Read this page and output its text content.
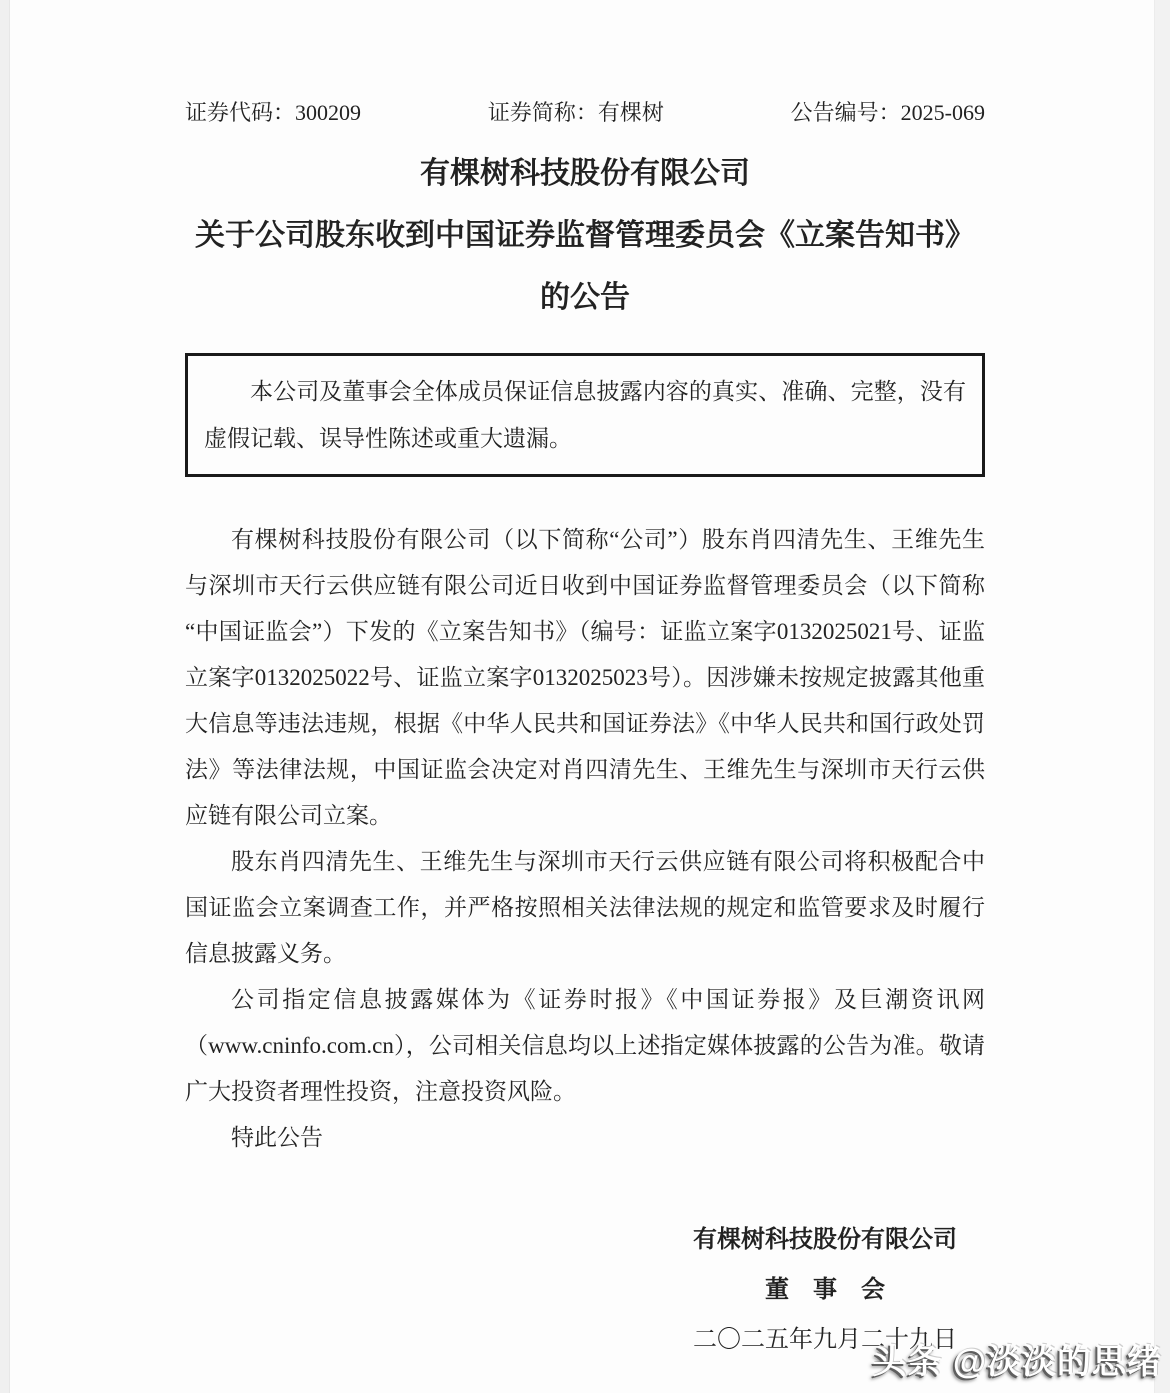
证券代码：300209	证券简称：有棵树	公告编号：2025-069
有棵树科技股份有限公司
关于公司股东收到中国证券监督管理委员会《立案告知书》
的公告

本公司及董事会全体成员保证信息披露内容的真实、准确、完整，没有虚假记载、误导性陈述或重大遗漏。

有棵树科技股份有限公司（以下简称“公司”）股东肖四清先生、王维先生与深圳市天行云供应链有限公司近日收到中国证券监督管理委员会（以下简称“中国证监会”）下发的《立案告知书》（编号：证监立案字0132025021号、证监立案字0132025022号、证监立案字0132025023号）。因涉嫌未按规定披露其他重大信息等违法违规，根据《中华人民共和国证券法》《中华人民共和国行政处罚法》等法律法规，中国证监会决定对肖四清先生、王维先生与深圳市天行云供应链有限公司立案。

股东肖四清先生、王维先生与深圳市天行云供应链有限公司将积极配合中国证监会立案调查工作，并严格按照相关法律法规的规定和监管要求及时履行信息披露义务。

公司指定信息披露媒体为《证券时报》《中国证券报》及巨潮资讯网（www.cninfo.com.cn），公司相关信息均以上述指定媒体披露的公告为准。敬请广大投资者理性投资，注意投资风险。

特此公告

有棵树科技股份有限公司
董　事　会
二〇二五年九月二十九日
头条 @淡淡的思绪
